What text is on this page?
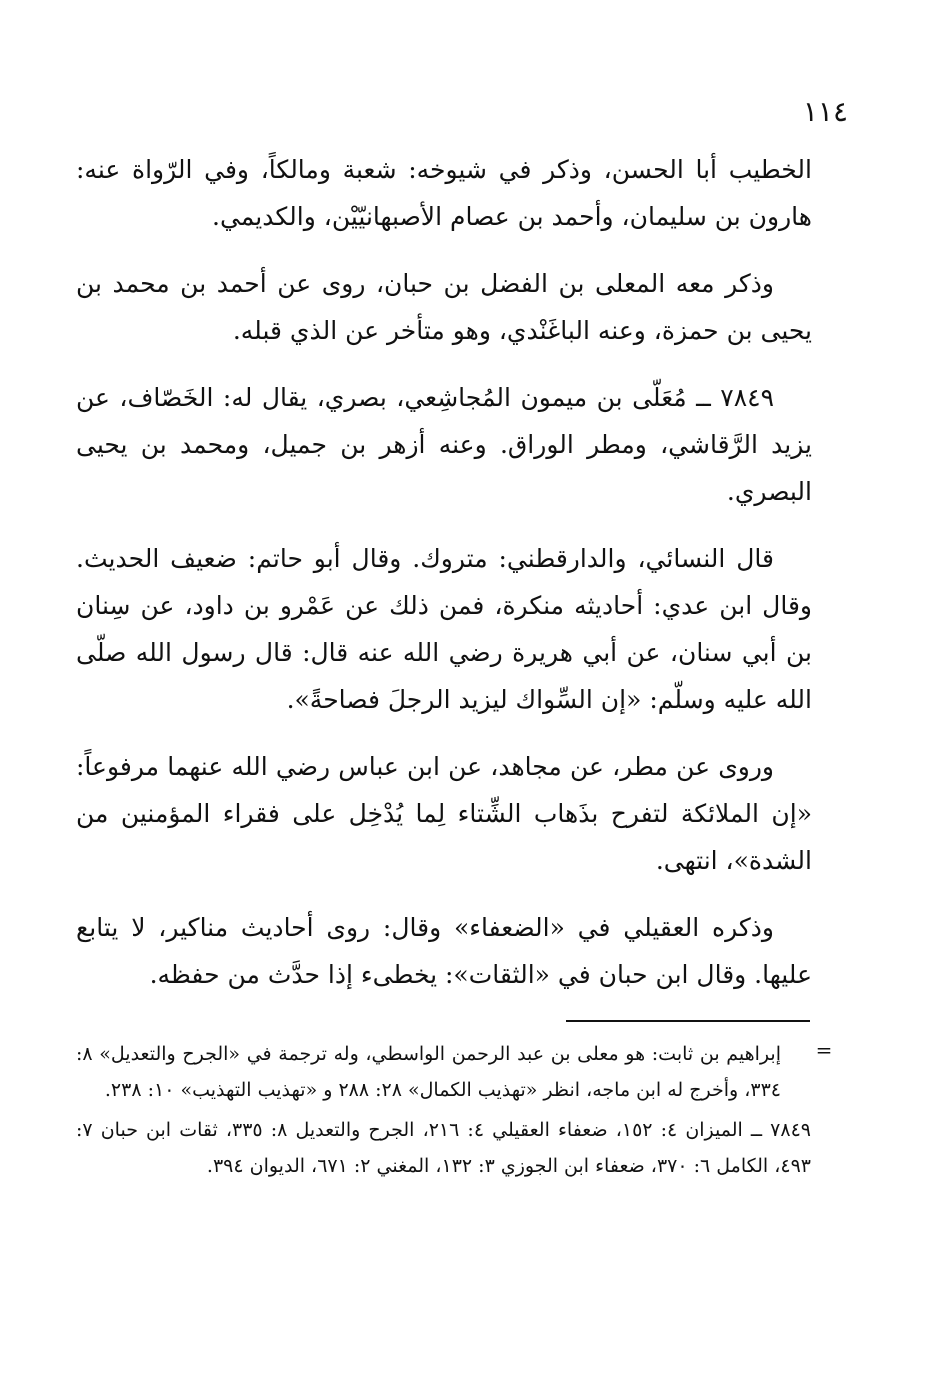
١١٤

الخطيب أبا الحسن، وذكر في شيوخه: شعبة ومالكاً، وفي الرّواة عنه: هارون بن سليمان، وأحمد بن عصام الأصبهانيّيْن، والكديمي.

وذكر معه المعلى بن الفضل بن حبان، روى عن أحمد بن محمد بن يحيى بن حمزة، وعنه الباغَنْدي، وهو متأخر عن الذي قبله.

٧٨٤٩ ــ مُعَلّى بن ميمون المُجاشِعي، بصري، يقال له: الخَصّاف، عن يزيد الرَّقاشي، ومطر الوراق. وعنه أزهر بن جميل، ومحمد بن يحيى البصري.

قال النسائي، والدارقطني: متروك. وقال أبو حاتم: ضعيف الحديث. وقال ابن عدي: أحاديثه منكرة، فمن ذلك عن عَمْرو بن داود، عن سِنان بن أبي سنان، عن أبي هريرة رضي الله عنه قال: قال رسول الله صلّى الله عليه وسلّم: «إن السِّواك ليزيد الرجلَ فصاحةً».

وروى عن مطر، عن مجاهد، عن ابن عباس رضي الله عنهما مرفوعاً: «إن الملائكة لتفرح بذَهاب الشِّتاء لِما يُدْخِل على فقراء المؤمنين من الشدة»، انتهى.

وذكره العقيلي في «الضعفاء» وقال: روى أحاديث مناكير، لا يتابع عليها. وقال ابن حبان في «الثقات»: يخطىء إذا حدَّث من حفظه.

=

إبراهيم بن ثابت: هو معلى بن عبد الرحمن الواسطي، وله ترجمة في «الجرح والتعديل» ٨: ٣٣٤، وأخرج له ابن ماجه، انظر «تهذيب الكمال» ٢٨: ٢٨٨ و «تهذيب التهذيب» ١٠: ٢٣٨.

٧٨٤٩ ــ الميزان ٤: ١٥٢، ضعفاء العقيلي ٤: ٢١٦، الجرح والتعديل ٨: ٣٣٥، ثقات ابن حبان ٧: ٤٩٣، الكامل ٦: ٣٧٠، ضعفاء ابن الجوزي ٣: ١٣٢، المغني ٢: ٦٧١، الديوان ٣٩٤.
